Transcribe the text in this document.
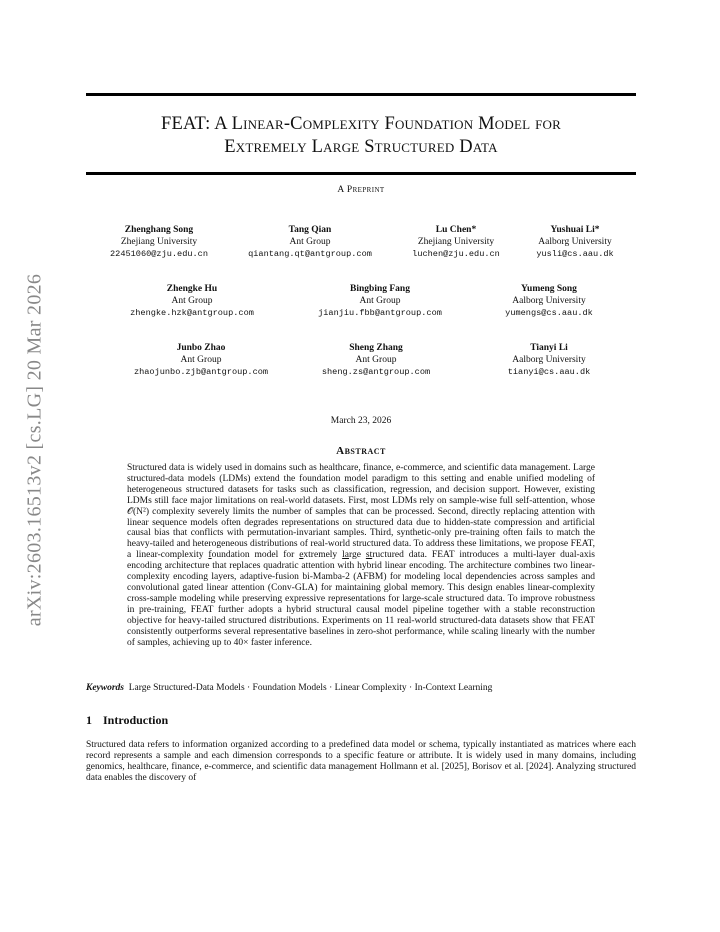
arXiv:2603.16513v2 [cs.LG] 20 Mar 2026
FEAT: A Linear-Complexity Foundation Model for
Extremely Large Structured Data
A Preprint
Zhenghang Song
Zhejiang University
22451060@zju.edu.cn
Tang Qian
Ant Group
qiantang.qt@antgroup.com
Lu Chen*
Zhejiang University
luchen@zju.edu.cn
Yushuai Li*
Aalborg University
yusli@cs.aau.dk
Zhengke Hu
Ant Group
zhengke.hzk@antgroup.com
Bingbing Fang
Ant Group
jianjiu.fbb@antgroup.com
Yumeng Song
Aalborg University
yumengs@cs.aau.dk
Junbo Zhao
Ant Group
zhaojunbo.zjb@antgroup.com
Sheng Zhang
Ant Group
sheng.zs@antgroup.com
Tianyi Li
Aalborg University
tianyi@cs.aau.dk
March 23, 2026
Abstract
Structured data is widely used in domains such as healthcare, finance, e-commerce, and scientific data management. Large structured-data models (LDMs) extend the foundation model paradigm to this setting and enable unified modeling of heterogeneous structured datasets for tasks such as classification, regression, and decision support. However, existing LDMs still face major limitations on real-world datasets. First, most LDMs rely on sample-wise full self-attention, whose 𝒪(N²) complexity severely limits the number of samples that can be processed. Second, directly replacing attention with linear sequence models often degrades representations on structured data due to hidden-state compression and artificial causal bias that conflicts with permutation-invariant samples. Third, synthetic-only pre-training often fails to match the heavy-tailed and heterogeneous distributions of real-world structured data. To address these limitations, we propose FEAT, a linear-complexity foundation model for extremely large structured data. FEAT introduces a multi-layer dual-axis encoding architecture that replaces quadratic attention with hybrid linear encoding. The architecture combines two linear-complexity encoding layers, adaptive-fusion bi-Mamba-2 (AFBM) for modeling local dependencies across samples and convolutional gated linear attention (Conv-GLA) for maintaining global memory. This design enables linear-complexity cross-sample modeling while preserving expressive representations for large-scale structured data. To improve robustness in pre-training, FEAT further adopts a hybrid structural causal model pipeline together with a stable reconstruction objective for heavy-tailed structured distributions. Experiments on 11 real-world structured-data datasets show that FEAT consistently outperforms several representative baselines in zero-shot performance, while scaling linearly with the number of samples, achieving up to 40× faster inference.
Keywords Large Structured-Data Models · Foundation Models · Linear Complexity · In-Context Learning
1 Introduction
Structured data refers to information organized according to a predefined data model or schema, typically instantiated as matrices where each record represents a sample and each dimension corresponds to a specific feature or attribute. It is widely used in many domains, including genomics, healthcare, finance, e-commerce, and scientific data management Hollmann et al. [2025], Borisov et al. [2024]. Analyzing structured data enables the discovery of
